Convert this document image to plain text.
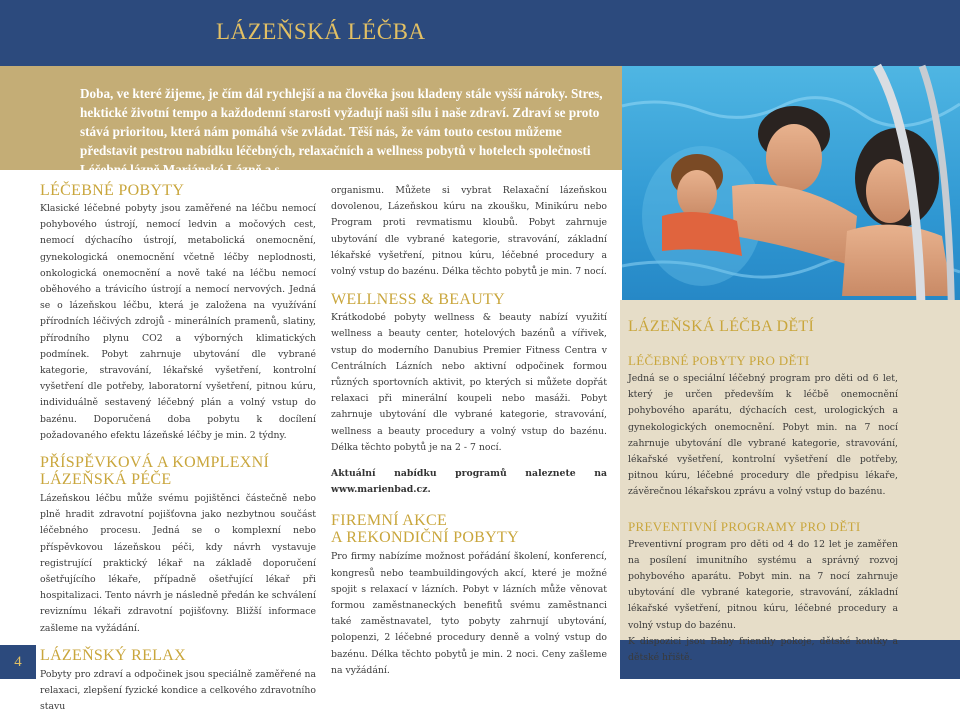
LÁZEŇSKÁ LÉČBA

Doba, ve které žijeme, je čím dál rychlejší a na člověka jsou kladeny stále vyšší nároky. Stres, hektické životní tempo a každodenní starosti vyžadují naši sílu i naše zdraví. Zdraví se proto stává prioritou, která nám pomáhá vše zvládat. Těší nás, že vám touto cestou můžeme představit pestrou nabídku léčebných, relaxačních a wellness pobytů v hotelech společnosti Léčebné lázně Mariánské Lázně a.s.

4
LÉČEBNÉ POBYTY

Klasické léčebné pobyty jsou zaměřené na léčbu nemocí pohybového ústrojí, nemocí ledvin a močových cest, nemocí dýchacího ústrojí, metabolická onemocnění, gynekologická onemocnění včetně léčby neplodnosti, onkologická onemocnění a nově také na léčbu nemocí oběhového a trávicího ústrojí a nemocí nervových. Jedná se o lázeňskou léčbu, která je založena na využívání přírodních léčivých zdrojů - minerálních pramenů, slatiny, přírodního plynu CO2 a výborných klimatických podmínek. Pobyt zahrnuje ubytování dle vybrané kategorie, stravování, lékařské vyšetření, kontrolní vyšetření dle potřeby, laboratorní vyšetření, pitnou kúru, individuálně sestavený léčebný plán a volný vstup do bazénu. Doporučená doba pobytu k docílení požadovaného efektu lázeňské léčby je min. 2 týdny.

PŘÍSPĚVKOVÁ A KOMPLEXNÍ LÁZEŇSKÁ PÉČE

Lázeňskou léčbu může svému pojištěnci částečně nebo plně hradit zdravotní pojišťovna jako nezbytnou součást léčebného procesu. Jedná se o komplexní nebo příspěvkovou lázeňskou péči, kdy návrh vystavuje registrující praktický lékař na základě doporučení ošetřujícího lékaře, případně ošetřující lékař při hospitalizaci. Tento návrh je následně předán ke schválení reviznímu lékaři zdravotní pojišťovny. Bližší informace zašleme na vyžádání.

LÁZEŇSKÝ RELAX

Pobyty pro zdraví a odpočinek jsou speciálně zaměřené na relaxaci, zlepšení fyzické kondice a celkového zdravotního stavu

organismu. Můžete si vybrat Relaxační lázeňskou dovolenou, Lázeňskou kúru na zkoušku, Minikúru nebo Program proti revmatismu kloubů. Pobyt zahrnuje ubytování dle vybrané kategorie, stravování, základní lékařské vyšetření, pitnou kúru, léčebné procedury a volný vstup do bazénu. Délka těchto pobytů je min. 7 nocí.

WELLNESS & BEAUTY

Krátkodobé pobyty wellness & beauty nabízí využití wellness a beauty center, hotelových bazénů a vířivek, vstup do moderního Danubius Premier Fitness Centra v Centrálních Lázních nebo aktivní odpočinek formou různých sportovních aktivit, po kterých si můžete dopřát relaxaci při minerální koupeli nebo masáži. Pobyt zahrnuje ubytování dle vybrané kategorie, stravování, wellness a beauty procedury a volný vstup do bazénu. Délka těchto pobytů je na 2 - 7 nocí.

Aktuální nabídku programů naleznete na www.marienbad.cz.

FIREMNÍ AKCE
A REKONDIČNÍ POBYTY

Pro firmy nabízíme možnost pořádání školení, konferencí, kongresů nebo teambuildingových akcí, které je možné spojit s relaxací v lázních. Pobyt v lázních může věnovat formou zaměstnaneckých benefitů svému zaměstnanci také zaměstnavatel, tyto pobyty zahrnují ubytování, polopenzi, 2 léčebné procedury denně a volný vstup do bazénu. Délka těchto pobytů je min. 2 noci. Ceny zašleme na vyžádání.

LÁZEŇSKÁ LÉČBA DĚTÍ
LÉČEBNÉ POBYTY PRO DĚTI

Jedná se o speciální léčebný program pro děti od 6 let, který je určen především k léčbě onemocnění pohybového aparátu, dýchacích cest, urologických a gynekologických onemocnění. Pobyt min. na 7 nocí zahrnuje ubytování dle vybrané kategorie, stravování, lékařské vyšetření, kontrolní vyšetření dle potřeby, pitnou kúru, léčebné procedury dle předpisu lékaře, závěrečnou lékařskou zprávu a volný vstup do bazénu.

PREVENTIVNÍ PROGRAMY PRO DĚTI

Preventivní program pro děti od 4 do 12 let je zaměřen na posílení imunitního systému a správný rozvoj pohybového aparátu. Pobyt min. na 7 nocí zahrnuje ubytování dle vybrané kategorie, stravování, základní lékařské vyšetření, pitnou kúru, léčebné procedury a volný vstup do bazénu.

K dispozici jsou Baby friendly pokoje, dětské koutky a dětské hřiště.
